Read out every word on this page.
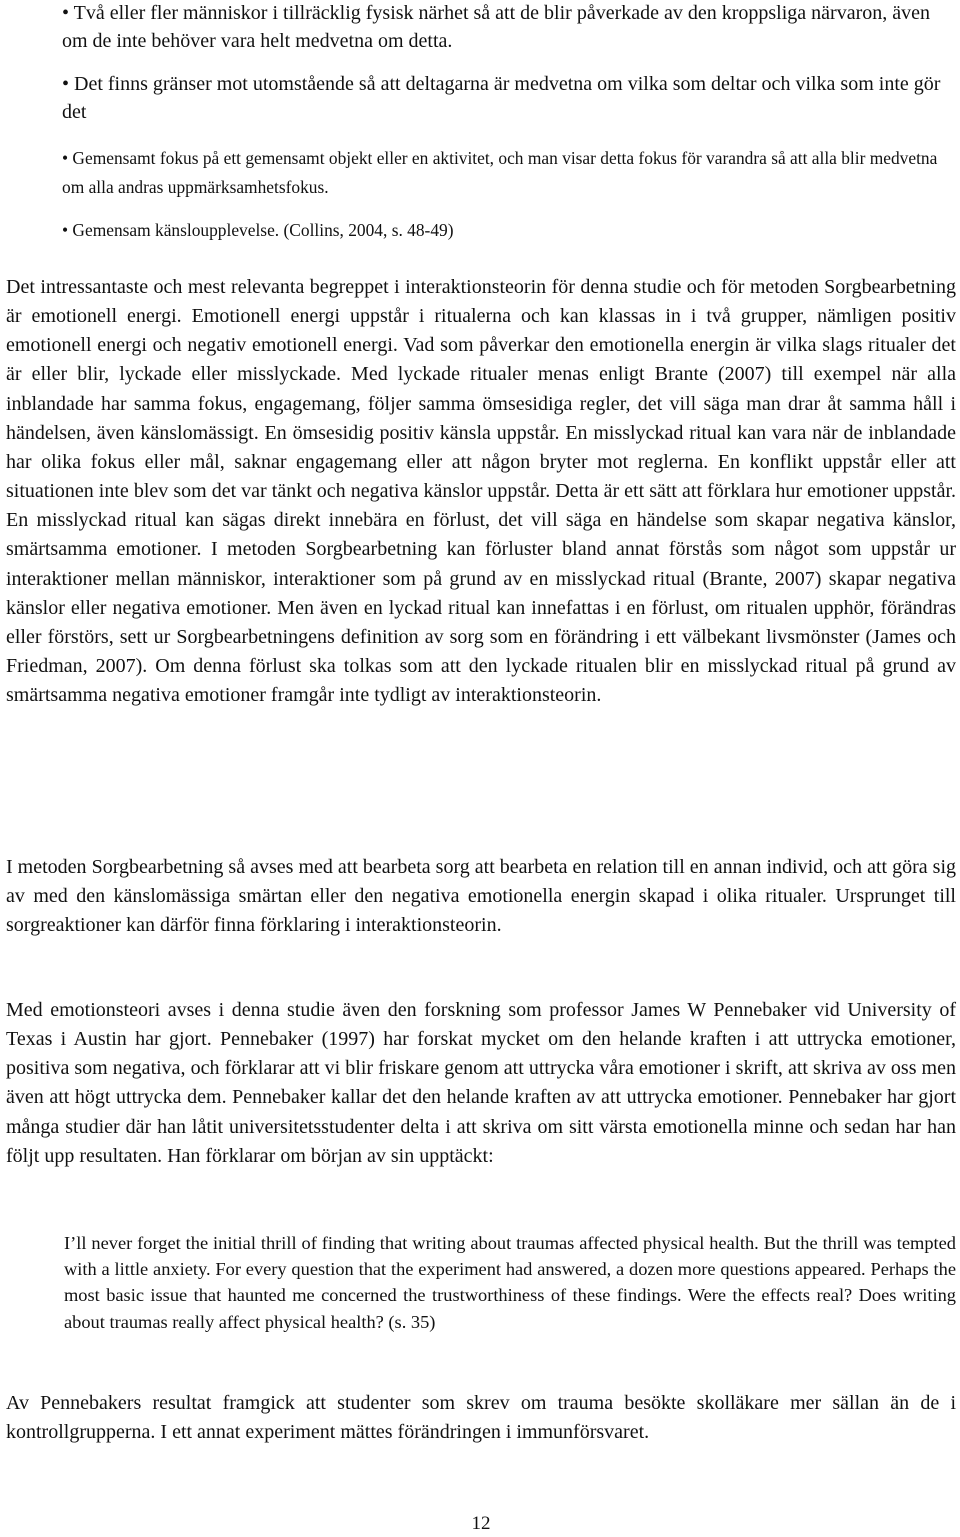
• Två eller fler människor i tillräcklig fysisk närhet så att de blir påverkade av den kroppsliga närvaron, även om de inte behöver vara helt medvetna om detta.

• Det finns gränser mot utomstående så att deltagarna är medvetna om vilka som deltar och vilka som inte gör det

• Gemensamt fokus på ett gemensamt objekt eller en aktivitet, och man visar detta fokus för varandra så att alla blir medvetna om alla andras uppmärksamhetsfokus.

• Gemensam känsloupplevelse. (Collins, 2004, s. 48-49)

Det intressantaste och mest relevanta begreppet i interaktionsteorin för denna studie och för metoden Sorgbearbetning är emotionell energi. Emotionell energi uppstår i ritualerna och kan klassas in i två grupper, nämligen positiv emotionell energi och negativ emotionell energi. Vad som påverkar den emotionella energin är vilka slags ritualer det är eller blir, lyckade eller misslyckade. Med lyckade ritualer menas enligt Brante (2007) till exempel när alla inblandade har samma fokus, engagemang, följer samma ömsesidiga regler, det vill säga man drar åt samma håll i händelsen, även känslomässigt. En ömsesidig positiv känsla uppstår. En misslyckad ritual kan vara när de inblandade har olika fokus eller mål, saknar engagemang eller att någon bryter mot reglerna. En konflikt uppstår eller att situationen inte blev som det var tänkt och negativa känslor uppstår. Detta är ett sätt att förklara hur emotioner uppstår. En misslyckad ritual kan sägas direkt innebära en förlust, det vill säga en händelse som skapar negativa känslor, smärtsamma emotioner. I metoden Sorgbearbetning kan förluster bland annat förstås som något som uppstår ur interaktioner mellan människor, interaktioner som på grund av en misslyckad ritual (Brante, 2007) skapar negativa känslor eller negativa emotioner. Men även en lyckad ritual kan innefattas i en förlust, om ritualen upphör, förändras eller förstörs, sett ur Sorgbearbetningens definition av sorg som en förändring i ett välbekant livsmönster (James och Friedman, 2007). Om denna förlust ska tolkas som att den lyckade ritualen blir en misslyckad ritual på grund av smärtsamma negativa emotioner framgår inte tydligt av interaktionsteorin.

I metoden Sorgbearbetning så avses med att bearbeta sorg att bearbeta en relation till en annan individ, och att göra sig av med den känslomässiga smärtan eller den negativa emotionella energin skapad i olika ritualer. Ursprunget till sorgreaktioner kan därför finna förklaring i interaktionsteorin.

Med emotionsteori avses i denna studie även den forskning som professor James W Pennebaker vid University of Texas i Austin har gjort. Pennebaker (1997) har forskat mycket om den helande kraften i att uttrycka emotioner, positiva som negativa, och förklarar att vi blir friskare genom att uttrycka våra emotioner i skrift, att skriva av oss men även att högt uttrycka dem. Pennebaker kallar det den helande kraften av att uttrycka emotioner. Pennebaker har gjort många studier där han låtit universitetsstudenter delta i att skriva om sitt värsta emotionella minne och sedan har han följt upp resultaten. Han förklarar om början av sin upptäckt:

I’ll never forget the initial thrill of finding that writing about traumas affected physical health. But the thrill was tempted with a little anxiety. For every question that the experiment had answered, a dozen more questions appeared. Perhaps the most basic issue that haunted me concerned the trustworthiness of these findings. Were the effects real? Does writing about traumas really affect physical health? (s. 35)

Av Pennebakers resultat framgick att studenter som skrev om trauma besökte skolläkare mer sällan än de i kontrollgrupperna. I ett annat experiment mättes förändringen i immunförsvaret.

12
